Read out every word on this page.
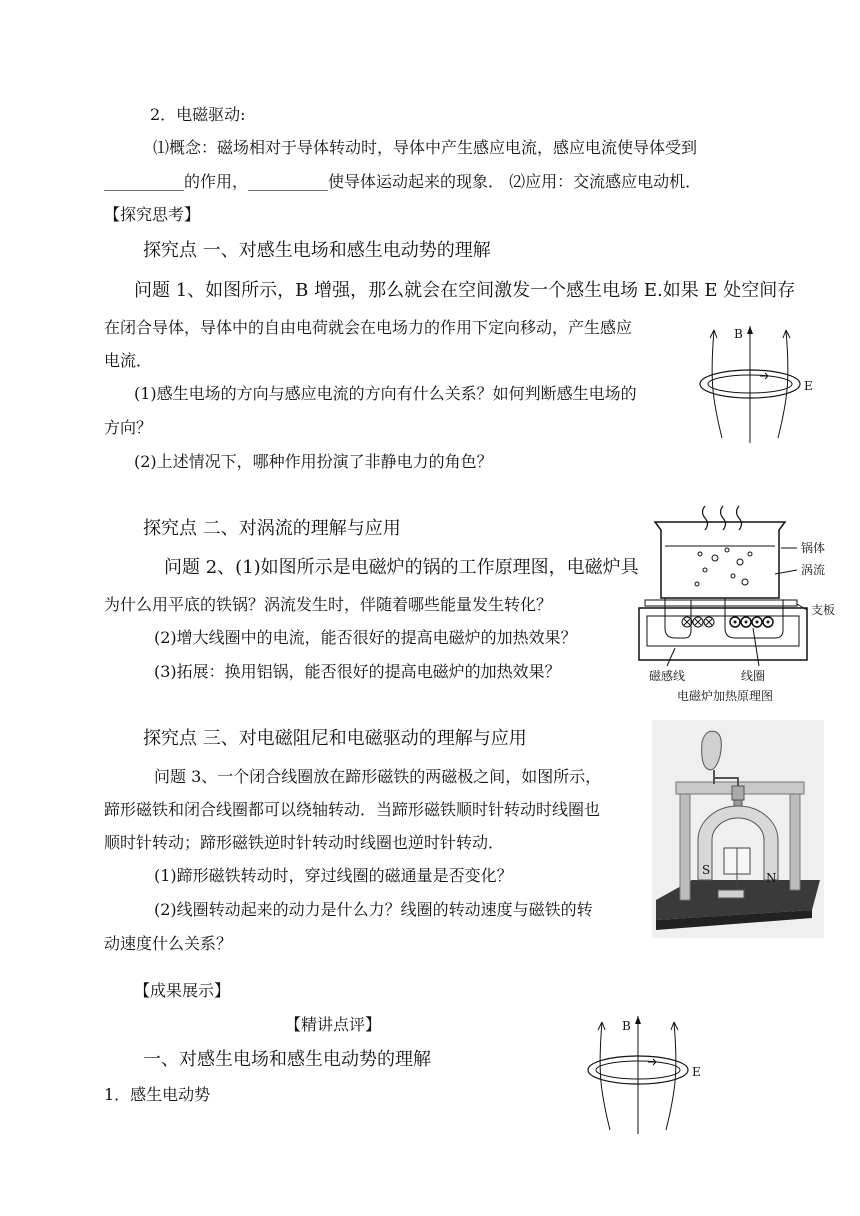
2．电磁驱动:
⑴概念：磁场相对于导体转动时，导体中产生感应电流，感应电流使导体受到
__________的作用，__________使导体运动起来的现象． ⑵应用：交流感应电动机．
【探究思考】
探究点 一、对感生电场和感生电动势的理解
问题 1、如图所示，B 增强，那么就会在空间激发一个感生电场 E.如果 E 处空间存
在闭合导体，导体中的自由电荷就会在电场力的作用下定向移动，产生感应
电流．
(1)感生电场的方向与感应电流的方向有什么关系？如何判断感生电场的
方向？
(2)上述情况下，哪种作用扮演了非静电力的角色？
B
E
探究点 二、对涡流的理解与应用
问题 2、(1)如图所示是电磁炉的锅的工作原理图，电磁炉具
为什么用平底的铁锅？涡流发生时，伴随着哪些能量发生转化？
(2)增大线圈中的电流，能否很好的提高电磁炉的加热效果？
(3)拓展：换用铝锅，能否很好的提高电磁炉的加热效果？
锅体
涡流
支板
磁感线	线圈
电磁炉加热原理图
探究点 三、对电磁阻尼和电磁驱动的理解与应用
问题 3、一个闭合线圈放在蹄形磁铁的两磁极之间，如图所示，
蹄形磁铁和闭合线圈都可以绕轴转动．当蹄形磁铁顺时针转动时线圈也
顺时针转动；蹄形磁铁逆时针转动时线圈也逆时针转动．
(1)蹄形磁铁转动时，穿过线圈的磁通量是否变化？
(2)线圈转动起来的动力是什么力？线圈的转动速度与磁铁的转
动速度什么关系？
S
N
【成果展示】
【精讲点评】
一、对感生电场和感生电动势的理解
1．感生电动势
B
E
